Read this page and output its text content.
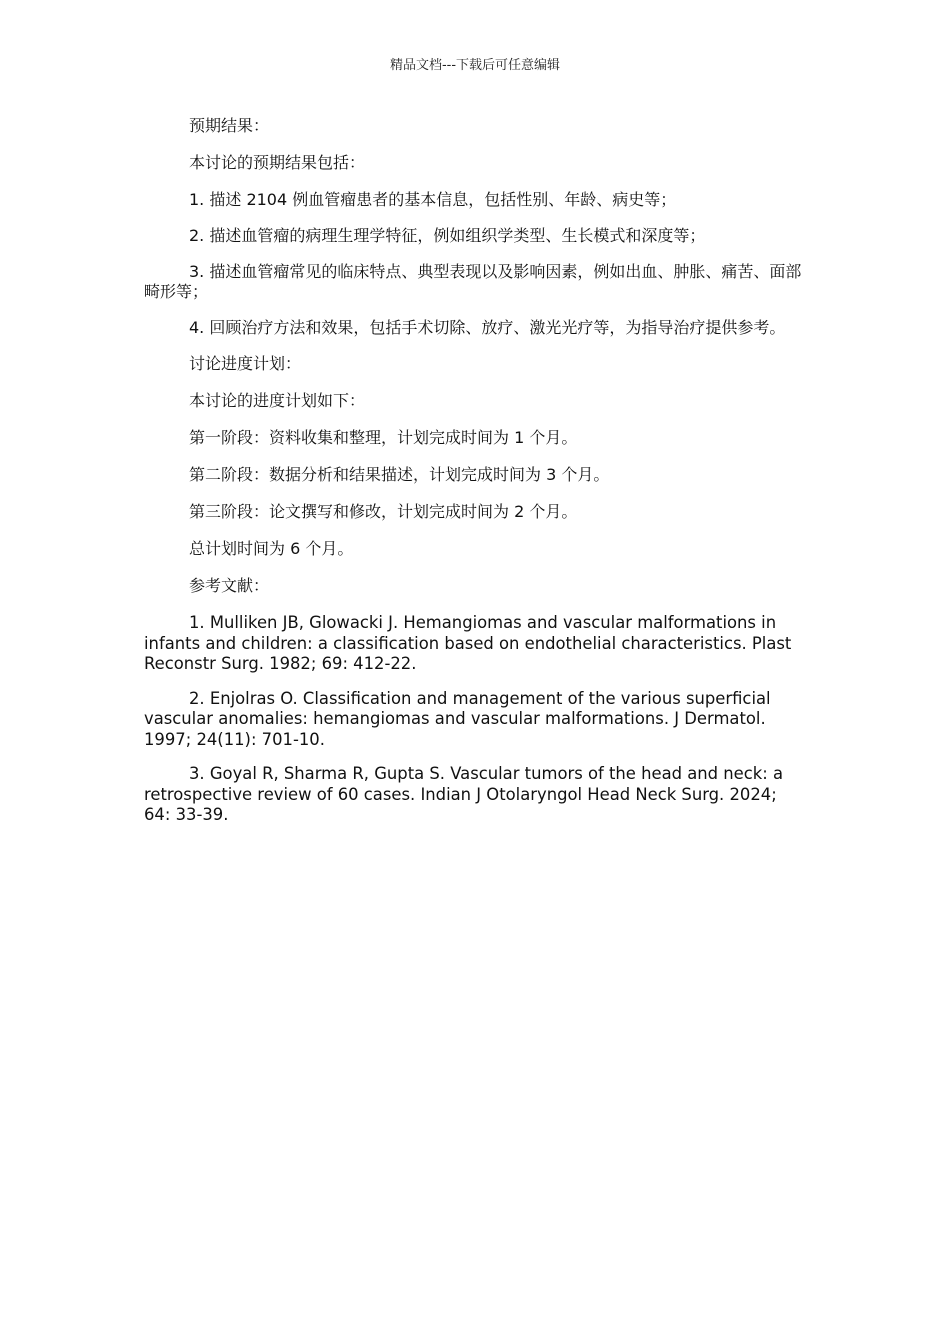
精品文档---下载后可任意编辑

预期结果：

本讨论的预期结果包括：

1. 描述 2104 例血管瘤患者的基本信息，包括性别、年龄、病史等；

2. 描述血管瘤的病理生理学特征，例如组织学类型、生长模式和深度等；

3. 描述血管瘤常见的临床特点、典型表现以及影响因素，例如出血、肿胀、痛苦、面部畸形等；

4. 回顾治疗方法和效果，包括手术切除、放疗、激光光疗等，为指导治疗提供参考。

讨论进度计划：

本讨论的进度计划如下：

第一阶段：资料收集和整理，计划完成时间为 1 个月。

第二阶段：数据分析和结果描述，计划完成时间为 3 个月。

第三阶段：论文撰写和修改，计划完成时间为 2 个月。

总计划时间为 6 个月。

参考文献：

1. Mulliken JB, Glowacki J. Hemangiomas and vascular malformations in infants and children: a classification based on endothelial characteristics. Plast Reconstr Surg. 1982; 69: 412-22.

2. Enjolras O. Classification and management of the various superficial vascular anomalies: hemangiomas and vascular malformations. J Dermatol. 1997; 24(11): 701-10.

3. Goyal R, Sharma R, Gupta S. Vascular tumors of the head and neck: a retrospective review of 60 cases. Indian J Otolaryngol Head Neck Surg. 2024; 64: 33-39.
